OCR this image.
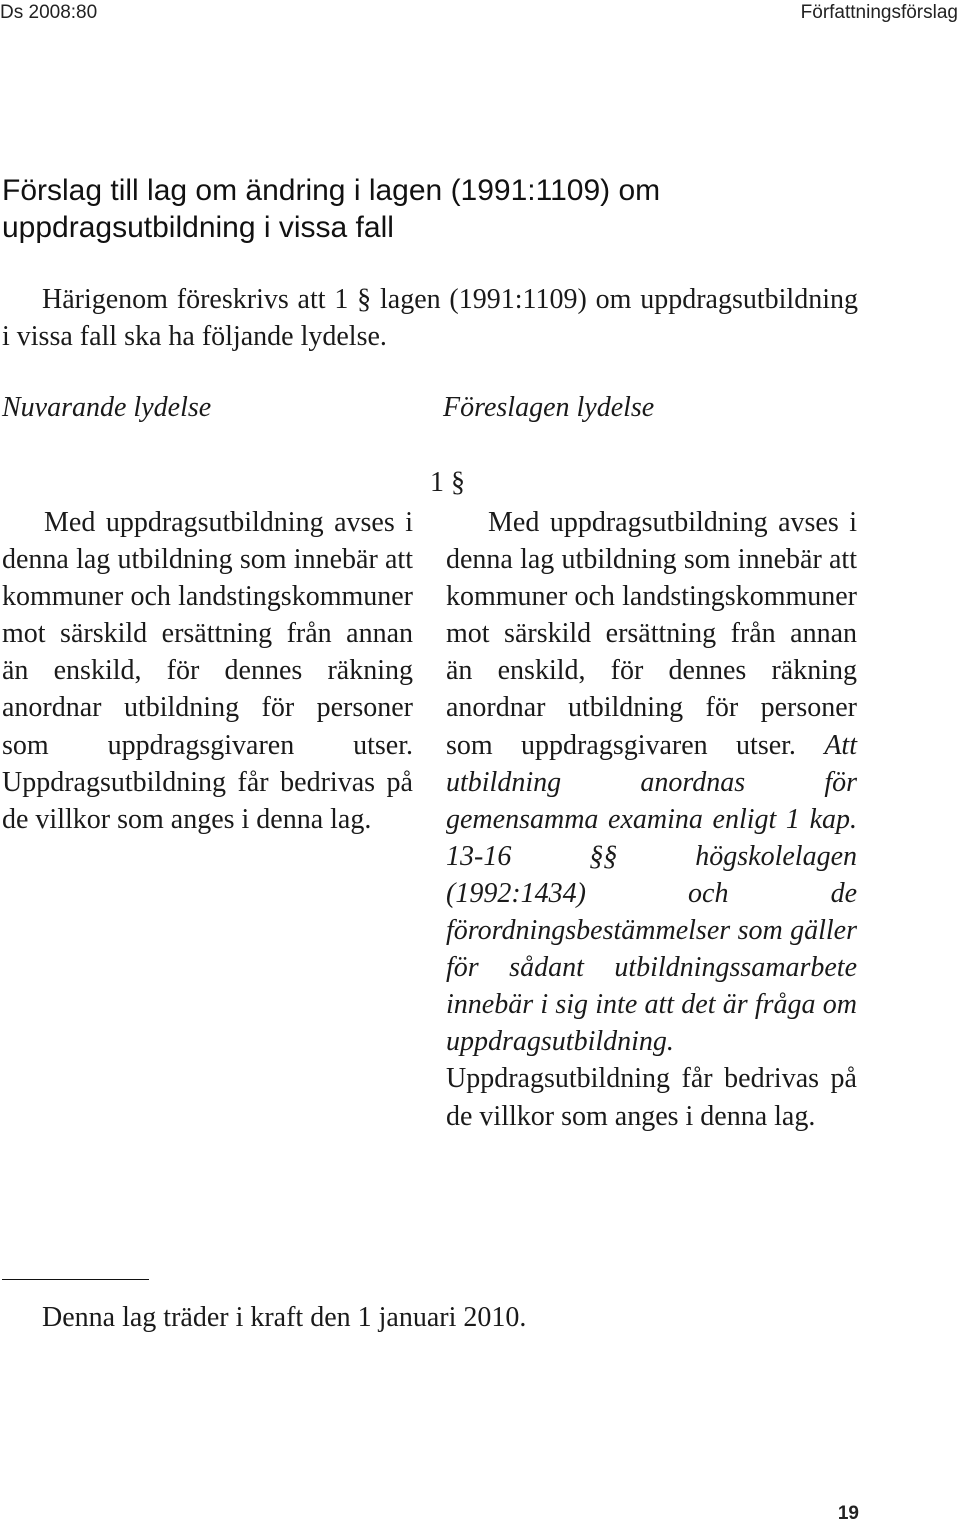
Ds 2008:80	Författningsförslag
Förslag till lag om ändring i lagen (1991:1109) om uppdragsutbildning i vissa fall

Härigenom föreskrivs att 1 § lagen (1991:1109) om uppdragsutbildning i vissa fall ska ha följande lydelse.

Nuvarande lydelse	Föreslagen lydelse

1 §

Med uppdragsutbildning avses i denna lag utbildning som innebär att kommuner och landstingskommuner mot särskild ersättning från annan än enskild, för dennes räkning anordnar utbildning för personer som uppdragsgivaren utser. Uppdragsutbildning får bedrivas på de villkor som anges i denna lag.

Med uppdragsutbildning avses i denna lag utbildning som innebär att kommuner och landstingskommuner mot särskild ersättning från annan än enskild, för dennes räkning anordnar utbildning för personer som uppdragsgivaren utser. Att utbildning anordnas för gemensamma examina enligt 1 kap. 13-16 §§ högskolelagen (1992:1434) och de förordningsbestämmelser som gäller för sådant utbildningssamarbete innebär i sig inte att det är fråga om uppdragsutbildning. Uppdragsutbildning får bedrivas på de villkor som anges i denna lag.

Denna lag träder i kraft den 1 januari 2010.

19
